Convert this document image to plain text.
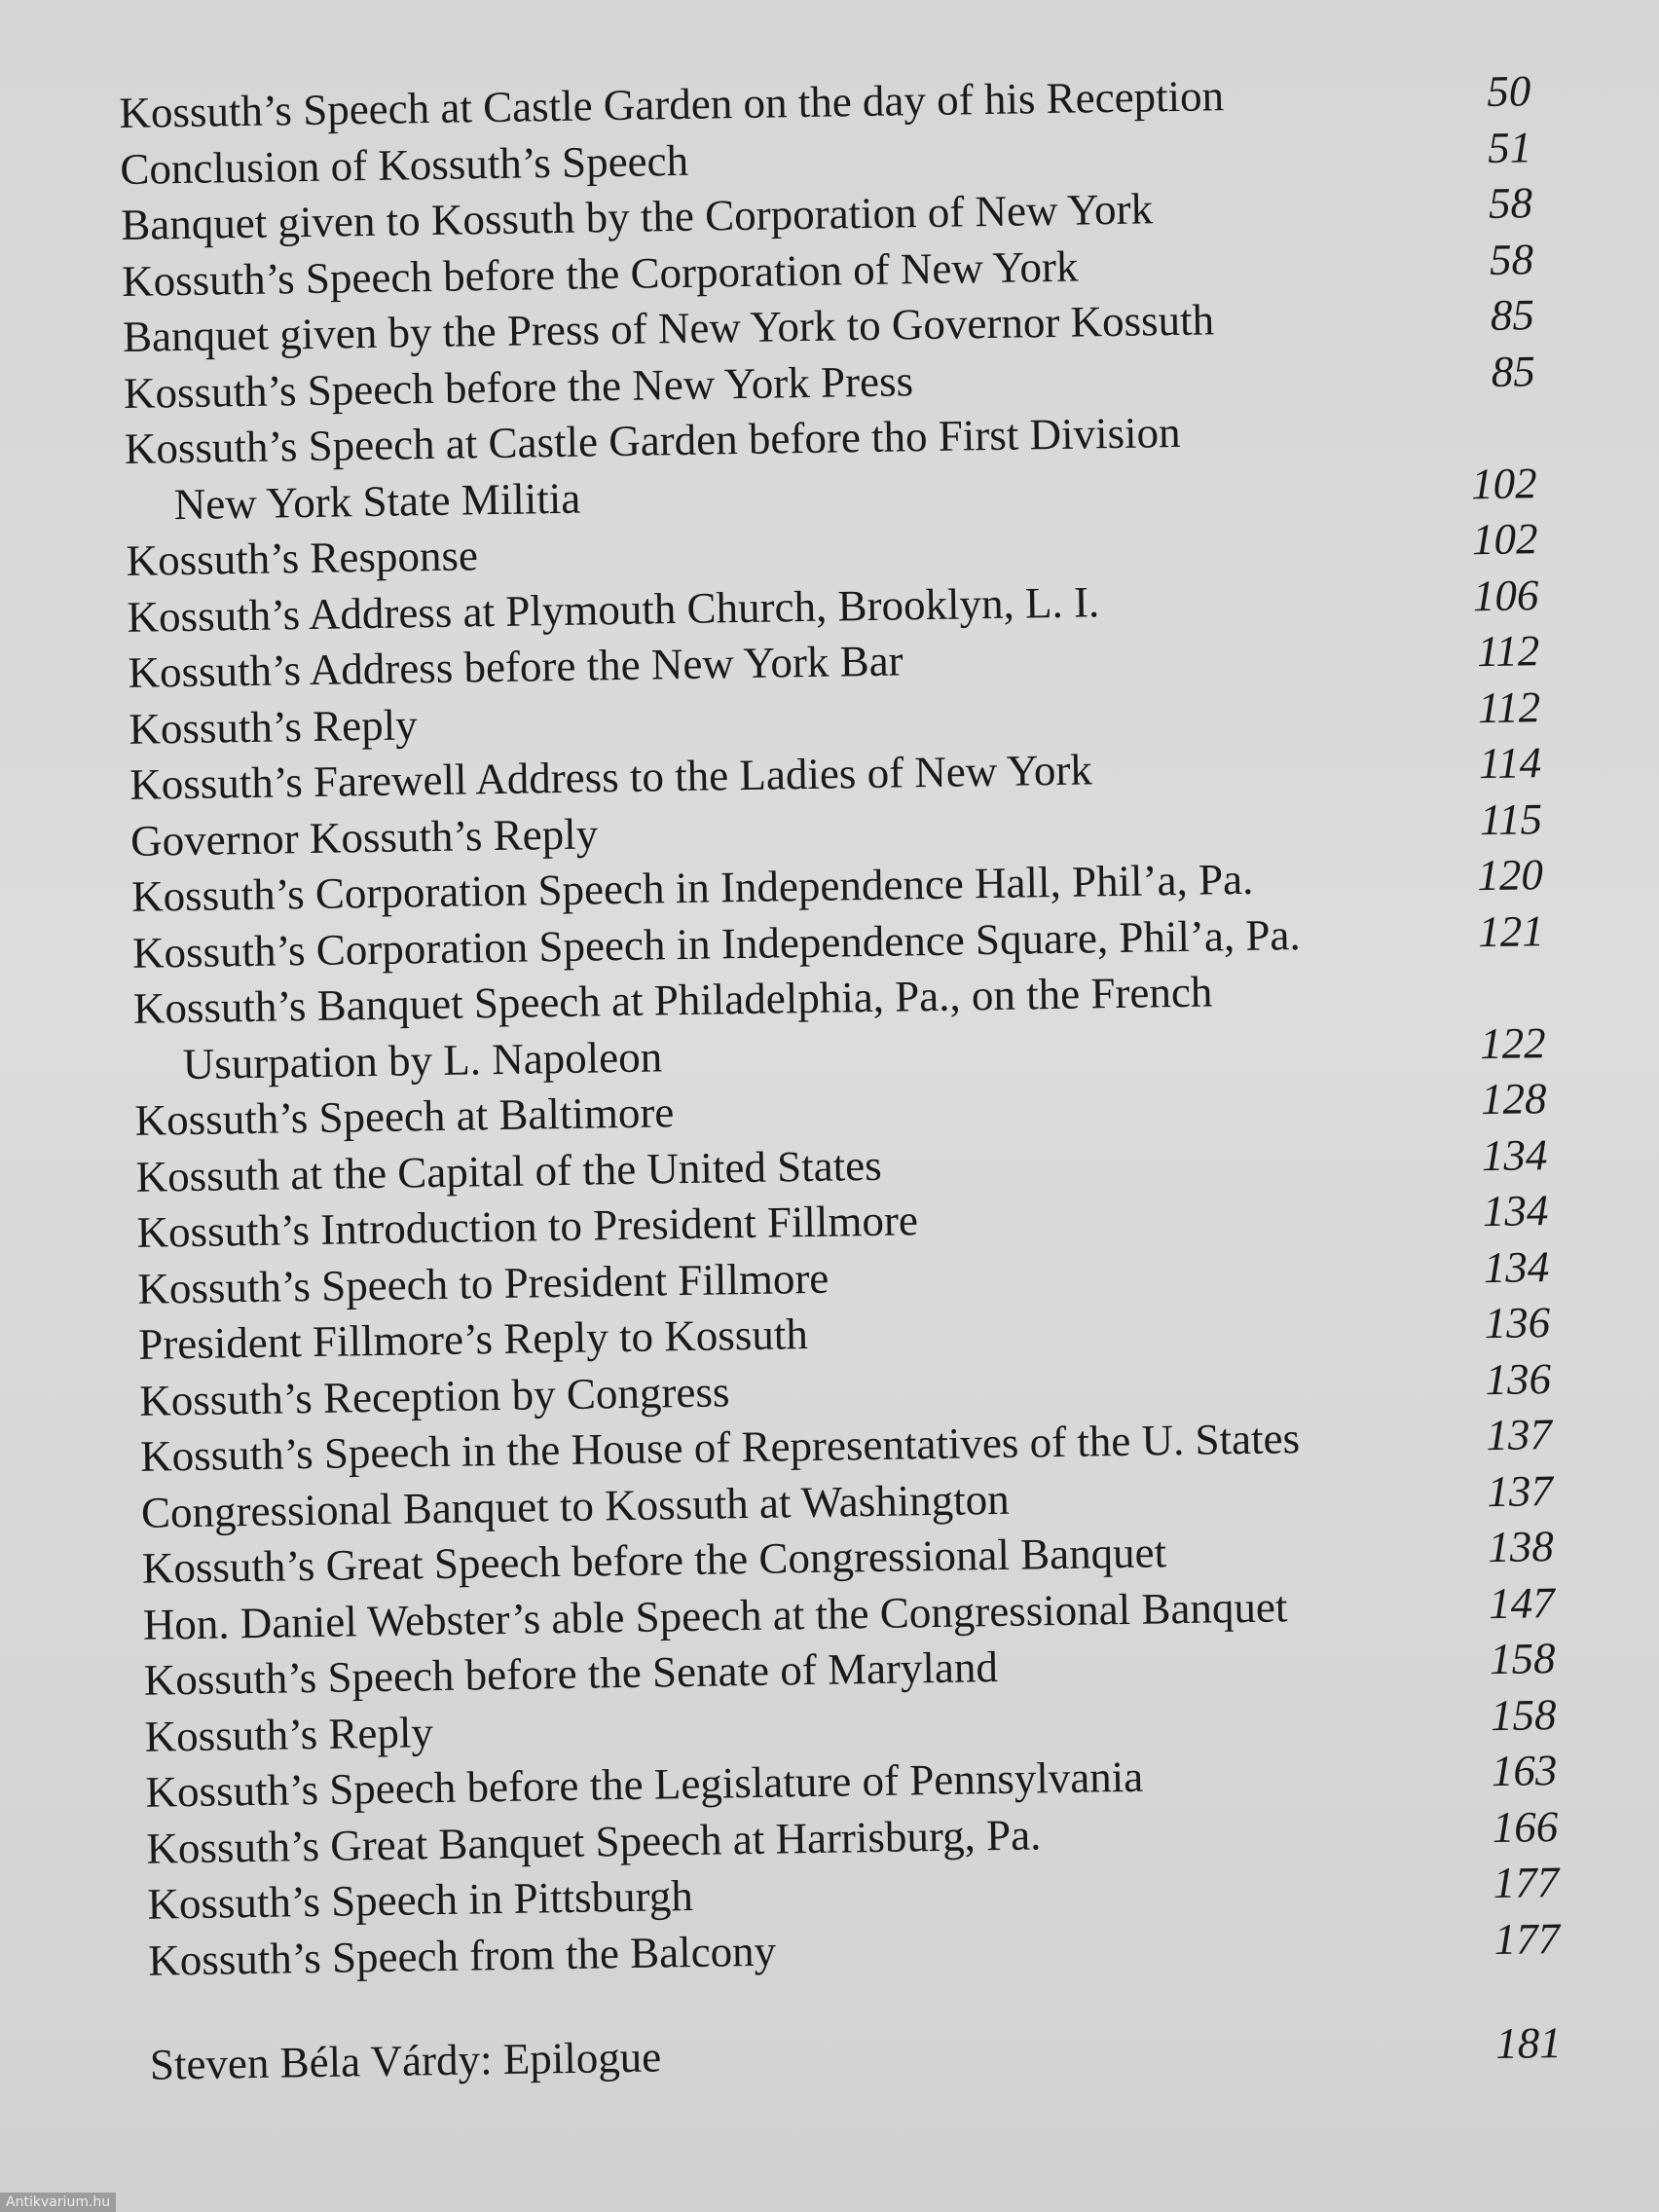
Kossuth’s Speech at Castle Garden on the day of his Reception	50
Conclusion of Kossuth’s Speech	51
Banquet given to Kossuth by the Corporation of New York	58
Kossuth’s Speech before the Corporation of New York	58
Banquet given by the Press of New York to Governor Kossuth	85
Kossuth’s Speech before the New York Press	85
Kossuth’s Speech at Castle Garden before tho First Division
New York State Militia	102
Kossuth’s Response	102
Kossuth’s Address at Plymouth Church, Brooklyn, L. I.	106
Kossuth’s Address before the New York Bar	112
Kossuth’s Reply	112
Kossuth’s Farewell Address to the Ladies of New York	114
Governor Kossuth’s Reply	115
Kossuth’s Corporation Speech in Independence Hall, Phil’a, Pa.	120
Kossuth’s Corporation Speech in Independence Square, Phil’a, Pa.	121
Kossuth’s Banquet Speech at Philadelphia, Pa., on the French
Usurpation by L. Napoleon	122
Kossuth’s Speech at Baltimore	128
Kossuth at the Capital of the United States	134
Kossuth’s Introduction to President Fillmore	134
Kossuth’s Speech to President Fillmore	134
President Fillmore’s Reply to Kossuth	136
Kossuth’s Reception by Congress	136
Kossuth’s Speech in the House of Representatives of the U. States	137
Congressional Banquet to Kossuth at Washington	137
Kossuth’s Great Speech before the Congressional Banquet	138
Hon. Daniel Webster’s able Speech at the Congressional Banquet	147
Kossuth’s Speech before the Senate of Maryland	158
Kossuth’s Reply	158
Kossuth’s Speech before the Legislature of Pennsylvania	163
Kossuth’s Great Banquet Speech at Harrisburg, Pa.	166
Kossuth’s Speech in Pittsburgh	177
Kossuth’s Speech from the Balcony	177
Steven Béla Várdy: Epilogue	181
Antikvarium.hu
